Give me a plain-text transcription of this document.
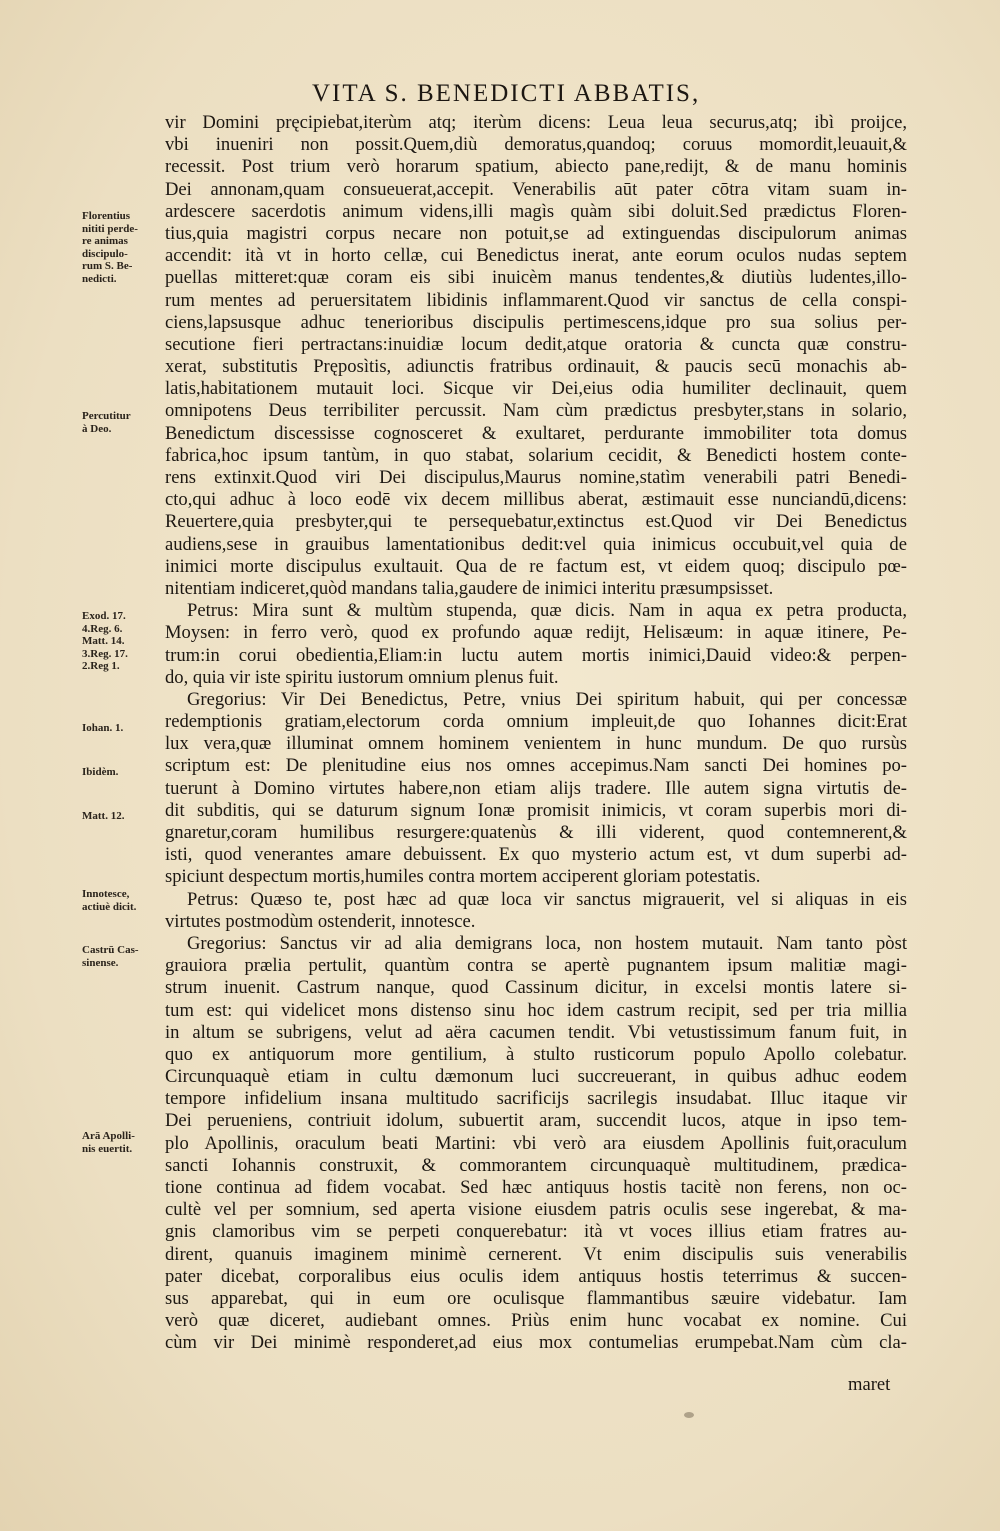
VITA S. BENEDICTI ABBATIS,
vir Domini pręcipiebat,iterùm atq; iterùm dicens: Leua leua securus,atq; ibì proijce,
vbi inueniri non possit.Quem,diù demoratus,quandoq; coruus momordit,leuauit,&
recessit. Post trium verò horarum spatium, abiecto pane,redijt, & de manu hominis
Dei annonam,quam consueuerat,accepit. Venerabilis aūt pater cōtra vitam suam in-
ardescere sacerdotis animum videns,illi magìs quàm sibi doluit.Sed prædictus Floren-
tius,quia magistri corpus necare non potuit,se ad extinguendas discipulorum animas
accendit: ità vt in horto cellæ, cui Benedictus inerat, ante eorum oculos nudas septem
puellas mitteret:quæ coram eis sibi inuicèm manus tendentes,& diutiùs ludentes,illo-
rum mentes ad peruersitatem libidinis inflammarent.Quod vir sanctus de cella conspi-
ciens,lapsusque adhuc tenerioribus discipulis pertimescens,idque pro sua solius per-
secutione fieri pertractans:inuidiæ locum dedit,atque oratoria & cuncta quæ constru-
xerat, substitutis Pręposìtis, adiunctis fratribus ordinauit, & paucis secū monachis ab-
latis,habitationem mutauit loci. Sicque vir Dei,eius odia humiliter declinauit, quem
omnipotens Deus terribiliter percussit. Nam cùm prædictus presbyter,stans in solario,
Benedictum discessisse cognosceret & exultaret, perdurante immobiliter tota domus
fabrica,hoc ipsum tantùm, in quo stabat, solarium cecidit, & Benedicti hostem conte-
rens extinxit.Quod viri Dei discipulus,Maurus nomine,statìm venerabili patri Benedi-
cto,qui adhuc à loco eodē vix decem millibus aberat, æstimauit esse nunciandū,dicens:
Reuertere,quia presbyter,qui te persequebatur,extinctus est.Quod vir Dei Benedictus
audiens,sese in grauibus lamentationibus dedit:vel quia inimicus occubuit,vel quia de
inimici morte discipulus exultauit. Qua de re factum est, vt eidem quoq; discipulo pœ-
nitentiam indiceret,quòd mandans talia,gaudere de inimici interitu præsumpsisset.
Petrus: Mira sunt & multùm stupenda, quæ dicis. Nam in aqua ex petra producta,
Moysen: in ferro verò, quod ex profundo aquæ redijt, Helisæum: in aquæ itinere, Pe-
trum:in corui obedientia,Eliam:in luctu autem mortis inimici,Dauid video:& perpen-
do, quia vir iste spiritu iustorum omnium plenus fuit.
Gregorius: Vir Dei Benedictus, Petre, vnius Dei spiritum habuit, qui per concessæ
redemptionis gratiam,electorum corda omnium impleuit,de quo Iohannes dicit:Erat
lux vera,quæ illuminat omnem hominem venientem in hunc mundum. De quo rursùs
scriptum est: De plenitudine eius nos omnes accepimus.Nam sancti Dei homines po-
tuerunt à Domino virtutes habere,non etiam alijs tradere. Ille autem signa virtutis de-
dit subditis, qui se daturum signum Ionæ promisit inimicis, vt coram superbis mori di-
gnaretur,coram humilibus resurgere:quatenùs & illi viderent, quod contemnerent,&
isti, quod venerantes amare debuissent. Ex quo mysterio actum est, vt dum superbi ad-
spiciunt despectum mortis,humiles contra mortem acciperent gloriam potestatis.
Petrus: Quæso te, post hæc ad quæ loca vir sanctus migrauerit, vel si aliquas in eis
virtutes postmodùm ostenderit, innotesce.
Gregorius: Sanctus vir ad alia demigrans loca, non hostem mutauit. Nam tanto pòst
grauiora prælia pertulit, quantùm contra se apertè pugnantem ipsum malitiæ magi-
strum inuenit. Castrum nanque, quod Cassinum dicitur, in excelsi montis latere si-
tum est: qui videlicet mons distenso sinu hoc idem castrum recipit, sed per tria millia
in altum se subrigens, velut ad aëra cacumen tendit. Vbi vetustissimum fanum fuit, in
quo ex antiquorum more gentilium, à stulto rusticorum populo Apollo colebatur.
Circunquaquè etiam in cultu dæmonum luci succreuerant, in quibus adhuc eodem
tempore infidelium insana multitudo sacrificijs sacrilegis insudabat. Illuc itaque vir
Dei perueniens, contriuit idolum, subuertit aram, succendit lucos, atque in ipso tem-
plo Apollinis, oraculum beati Martini: vbi verò ara eiusdem Apollinis fuit,oraculum
sancti Iohannis construxit, & commorantem circunquaquè multitudinem, prædica-
tione continua ad fidem vocabat. Sed hæc antiquus hostis tacitè non ferens, non oc-
cultè vel per somnium, sed aperta visione eiusdem patris oculis sese ingerebat, & ma-
gnis clamoribus vim se perpeti conquerebatur: ità vt voces illius etiam fratres au-
dirent, quanuis imaginem minimè cernerent. Vt enim discipulis suis venerabilis
pater dicebat, corporalibus eius oculis idem antiquus hostis teterrimus & succen-
sus apparebat, qui in eum ore oculisque flammantibus sæuire videbatur. Iam
verò quæ diceret, audiebant omnes. Priùs enim hunc vocabat ex nomine. Cui
cùm vir Dei minimè responderet,ad eius mox contumelias erumpebat.Nam cùm cla-
Florentius
nititi perde-
re animas
discipulo-
rum S. Be-
nedicti.
Percutitur
à Deo.
Exod. 17.
4.Reg. 6.
Matt. 14.
3.Reg. 17.
2.Reg 1.
Iohan. 1.
Ibidèm.
Matt. 12.
Innotesce,
actiuè dicit.
Castrū Cas-
sinense.
Arā Apolli-
nis euertit.
maret
